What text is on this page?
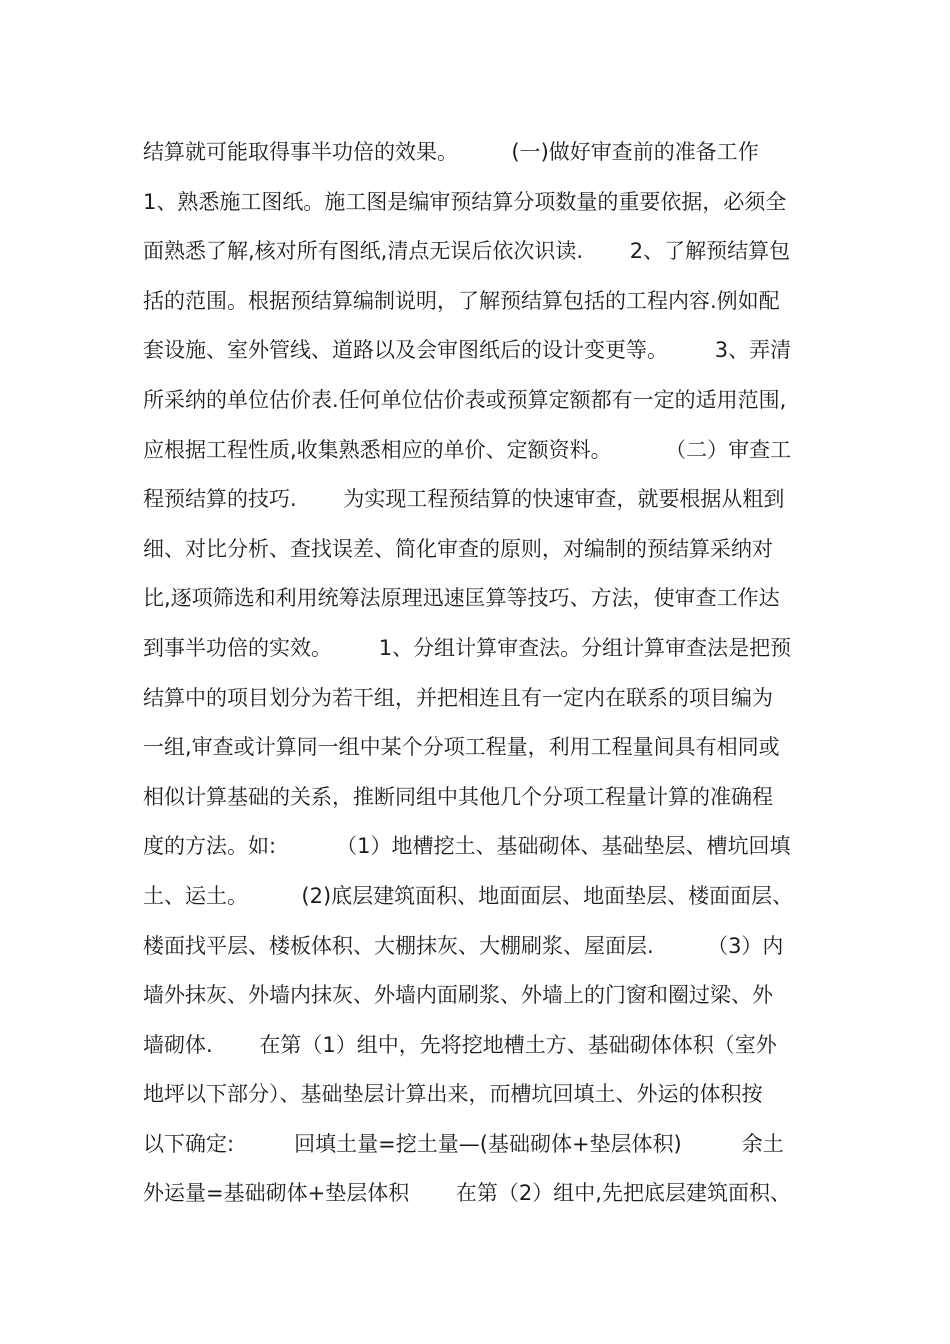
结算就可能取得事半功倍的效果。        (一)做好审查前的准备工作
1、熟悉施工图纸。施工图是编审预结算分项数量的重要依据，必须全
面熟悉了解,核对所有图纸,清点无误后依次识读.       2、了解预结算包
括的范围。根据预结算编制说明，了解预结算包括的工程内容.例如配
套设施、室外管线、道路以及会审图纸后的设计变更等。       3、弄清
所采纳的单位估价表.任何单位估价表或预算定额都有一定的适用范围,
应根据工程性质,收集熟悉相应的单价、定额资料。        （二）审查工
程预结算的技巧.       为实现工程预结算的快速审查，就要根据从粗到
细、对比分析、查找误差、简化审查的原则，对编制的预结算采纳对
比,逐项筛选和利用统筹法原理迅速匡算等技巧、方法，使审查工作达
到事半功倍的实效。       1、分组计算审查法。分组计算审查法是把预
结算中的项目划分为若干组，并把相连且有一定内在联系的项目编为
一组,审查或计算同一组中某个分项工程量，利用工程量间具有相同或
相似计算基础的关系，推断同组中其他几个分项工程量计算的准确程
度的方法。如:         （1）地槽挖土、基础砌体、基础垫层、槽坑回填
土、运土。        (2)底层建筑面积、地面面层、地面垫层、楼面面层、
楼面找平层、楼板体积、大棚抹灰、大棚刷浆、屋面层.        （3）内
墙外抹灰、外墙内抹灰、外墙内面刷浆、外墙上的门窗和圈过梁、外
墙砌体.       在第（1）组中，先将挖地槽土方、基础砌体体积（室外
地坪以下部分）、基础垫层计算出来，而槽坑回填土、外运的体积按
以下确定:         回填土量=挖土量—(基础砌体+垫层体积)         余土
外运量=基础砌体+垫层体积       在第（2）组中,先把底层建筑面积、
